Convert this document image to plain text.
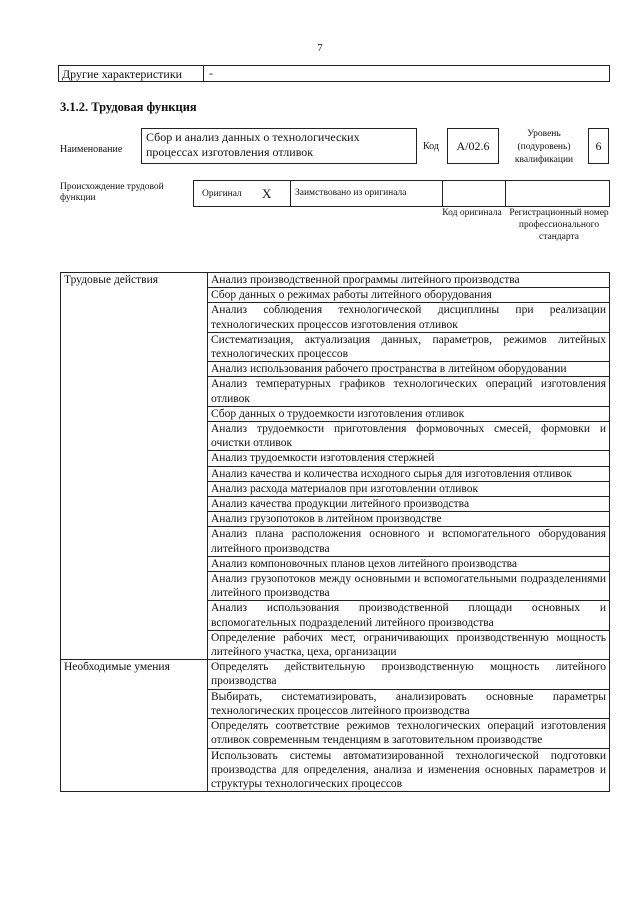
7
Другие характеристики	-
3.1.2. Трудовая функция
Наименование
Сбор и анализ данных о технологических процессах изготовления отливок	Код	А/02.6
Уровень (подуровень) квалификации
6
Происхождение трудовой функции	Оригинал X Заимствовано из оригинала
Код оригинала Регистрационный номер профессионального стандарта
Трудовые действия	Анализ производственной программы литейного производства
	Сбор данных о режимах работы литейного оборудования
	Анализ соблюдения технологической дисциплины при реализации технологических процессов изготовления отливок
	Систематизация, актуализация данных, параметров, режимов литейных технологических процессов
	Анализ использования рабочего пространства в литейном оборудовании
	Анализ температурных графиков технологических операций изготовления отливок
	Сбор данных о трудоемкости изготовления отливок
	Анализ трудоемкости приготовления формовочных смесей, формовки и очистки отливок
	Анализ трудоемкости изготовления стержней
	Анализ качества и количества исходного сырья для изготовления отливок
	Анализ расхода материалов при изготовлении отливок
	Анализ качества продукции литейного производства
	Анализ грузопотоков в литейном производстве
	Анализ плана расположения основного и вспомогательного оборудования литейного производства
	Анализ компоновочных планов цехов литейного производства
	Анализ грузопотоков между основными и вспомогательными подразделениями литейного производства
	Анализ использования производственной площади основных и вспомогательных подразделений литейного производства
	Определение рабочих мест, ограничивающих производственную мощность литейного участка, цеха, организации
Необходимые умения	Определять действительную производственную мощность литейного производства
	Выбирать, систематизировать, анализировать основные параметры технологических процессов литейного производства
	Определять соответствие режимов технологических операций изготовления отливок современным тенденциям в заготовительном производстве
	Использовать системы автоматизированной технологической подготовки производства для определения, анализа и изменения основных параметров и структуры технологических процессов
